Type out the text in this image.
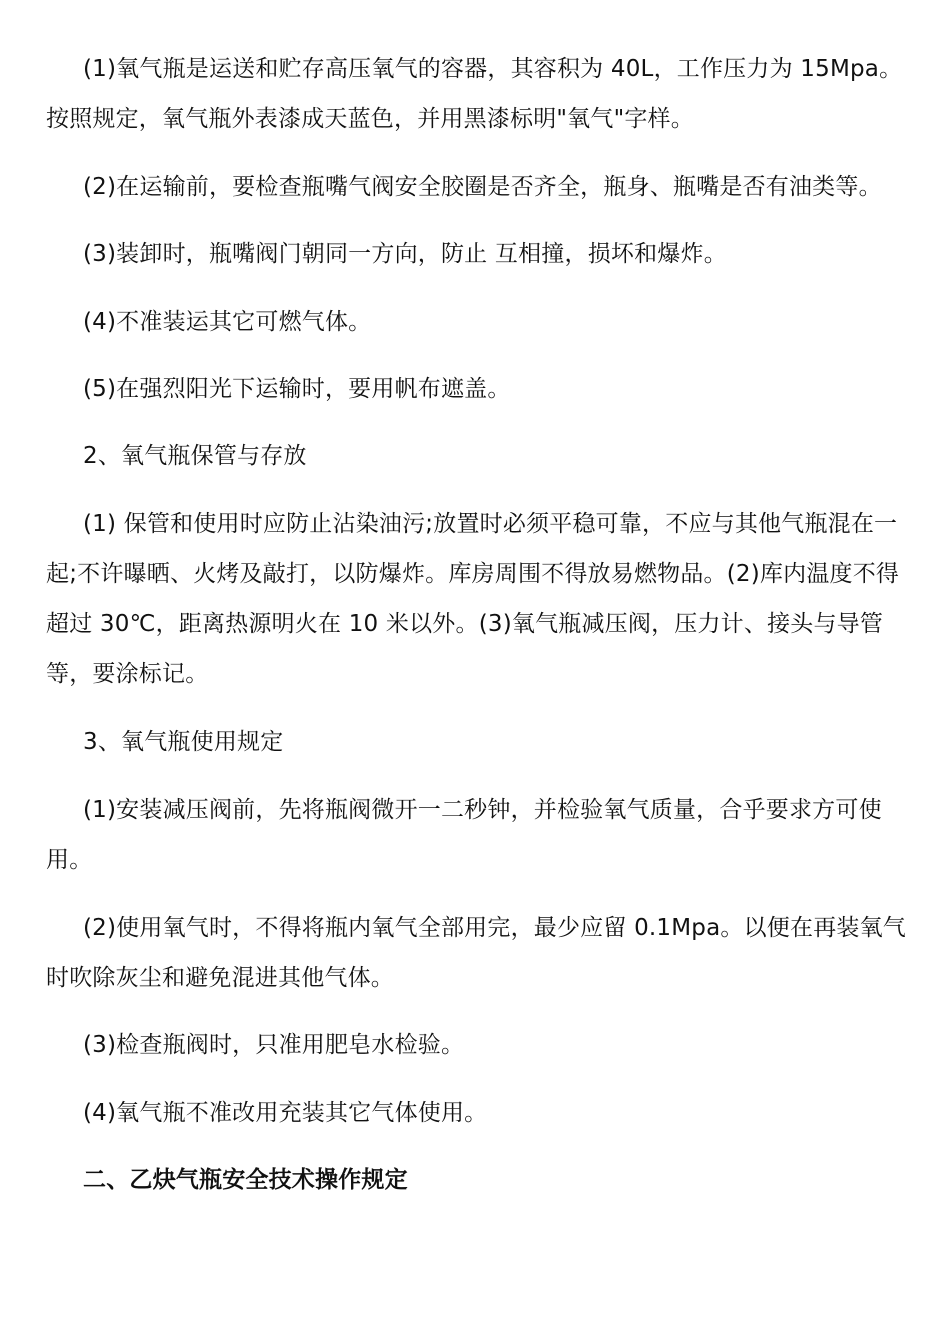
(1)氧气瓶是运送和贮存高压氧气的容器，其容积为 40L，工作压力为 15Mpa。按照规定，氧气瓶外表漆成天蓝色，并用黑漆标明"氧气"字样。

(2)在运输前，要检查瓶嘴气阀安全胶圈是否齐全，瓶身、瓶嘴是否有油类等。

(3)装卸时，瓶嘴阀门朝同一方向，防止 互相撞，损坏和爆炸。

(4)不准装运其它可燃气体。

(5)在强烈阳光下运输时，要用帆布遮盖。

2、氧气瓶保管与存放

(1) 保管和使用时应防止沾染油污;放置时必须平稳可靠，不应与其他气瓶混在一起;不许曝晒、火烤及敲打，以防爆炸。库房周围不得放易燃物品。(2)库内温度不得超过 30℃，距离热源明火在 10 米以外。(3)氧气瓶减压阀，压力计、接头与导管等，要涂标记。

3、氧气瓶使用规定

(1)安装减压阀前，先将瓶阀微开一二秒钟，并检验氧气质量，合乎要求方可使用。

(2)使用氧气时，不得将瓶内氧气全部用完，最少应留 0.1Mpa。以便在再装氧气时吹除灰尘和避免混进其他气体。

(3)检查瓶阀时，只准用肥皂水检验。

(4)氧气瓶不准改用充装其它气体使用。

二、乙炔气瓶安全技术操作规定
